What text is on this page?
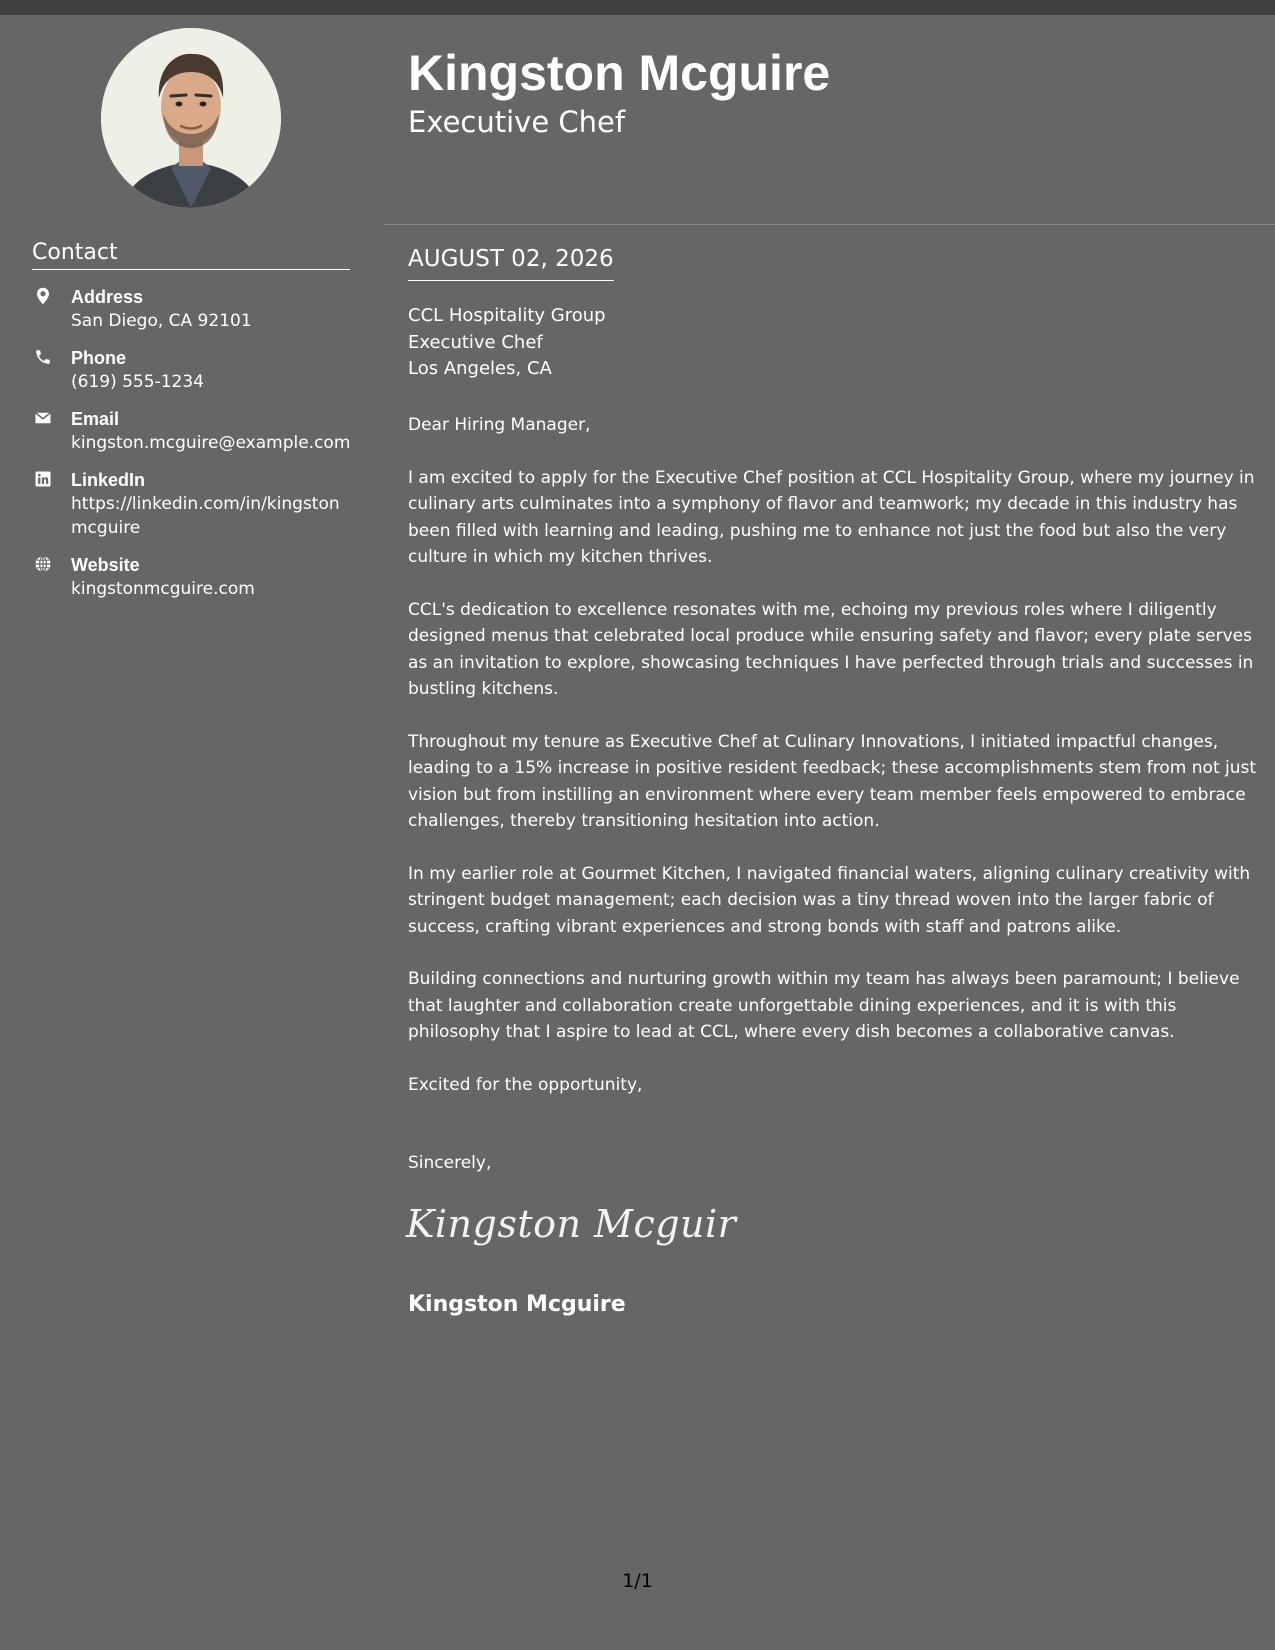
Contact
Address
San Diego, CA 92101
Phone
(619) 555-1234
Email
kingston.mcguire@example.com
LinkedIn
https://linkedin.com/in/kingstonmcguire
Website
kingstonmcguire.com
Kingston Mcguire
Executive Chef
AUGUST 02, 2026
CCL Hospitality Group
Executive Chef
Los Angeles, CA

Dear Hiring Manager,

I am excited to apply for the Executive Chef position at CCL Hospitality Group, where my journey in culinary arts culminates into a symphony of flavor and teamwork; my decade in this industry has been filled with learning and leading, pushing me to enhance not just the food but also the very culture in which my kitchen thrives.

CCL's dedication to excellence resonates with me, echoing my previous roles where I diligently designed menus that celebrated local produce while ensuring safety and flavor; every plate serves as an invitation to explore, showcasing techniques I have perfected through trials and successes in bustling kitchens.

Throughout my tenure as Executive Chef at Culinary Innovations, I initiated impactful changes, leading to a 15% increase in positive resident feedback; these accomplishments stem from not just vision but from instilling an environment where every team member feels empowered to embrace challenges, thereby transitioning hesitation into action.

In my earlier role at Gourmet Kitchen, I navigated financial waters, aligning culinary creativity with stringent budget management; each decision was a tiny thread woven into the larger fabric of success, crafting vibrant experiences and strong bonds with staff and patrons alike.

Building connections and nurturing growth within my team has always been paramount; I believe that laughter and collaboration create unforgettable dining experiences, and it is with this philosophy that I aspire to lead at CCL, where every dish becomes a collaborative canvas.

Excited for the opportunity,

Sincerely,

Kingston Mcguir
Kingston Mcguire
1/1
